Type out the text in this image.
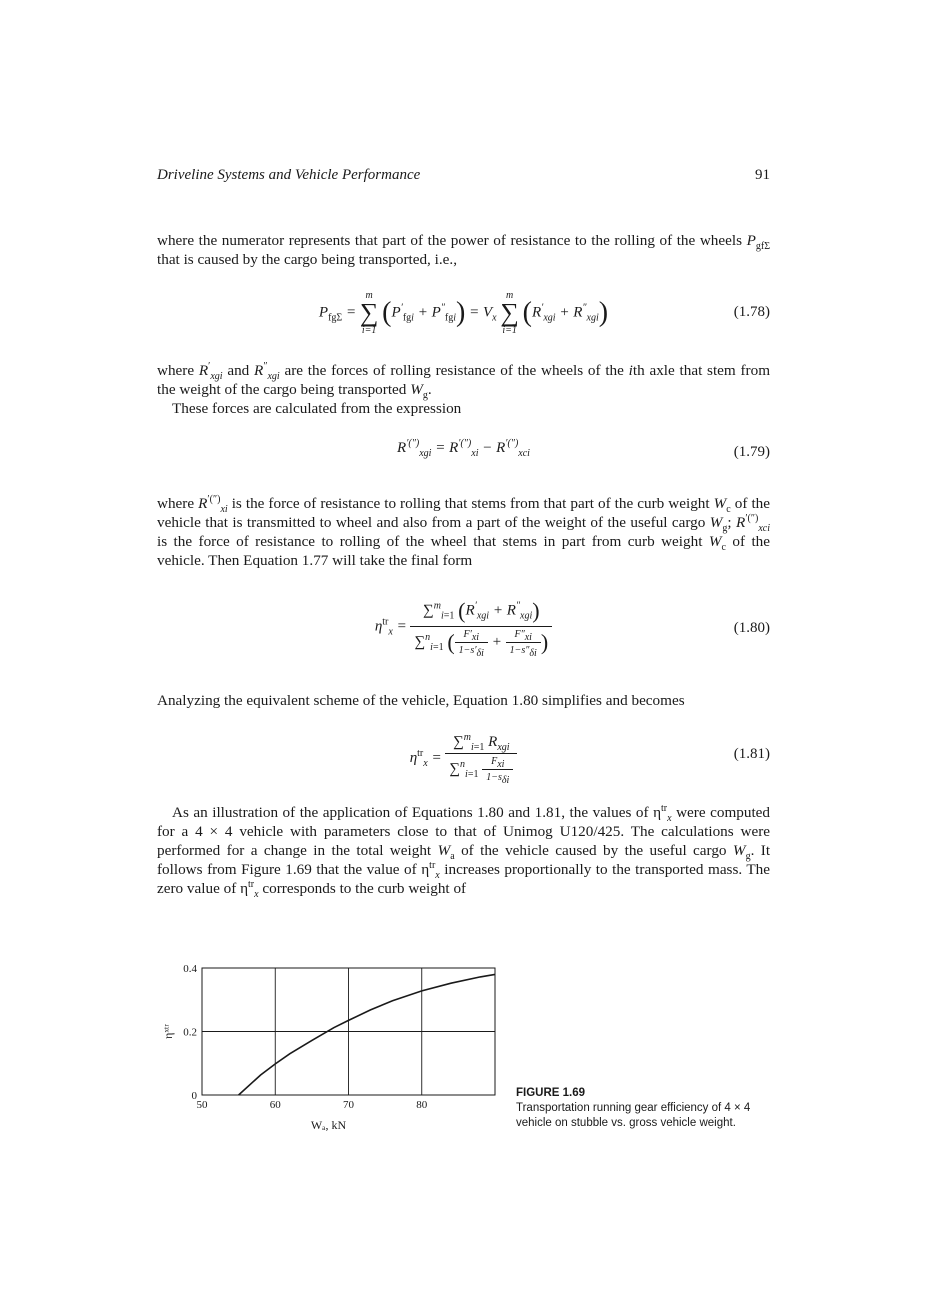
Driveline Systems and Vehicle Performance	91
where the numerator represents that part of the power of resistance to the rolling of the wheels $P_{gf\Sigma}$ that is caused by the cargo being transported, i.e.,
$P_{fg\Sigma}$ =
m
∑
i=1
$(P'_{fgi} + P''_{fgi}) = V_x$
m
∑
i=1
$(R'_{xgi} + R''_{xgi})$	(1.78)
where $R'_{xgi}$ and $R''_{xgi}$ are the forces of rolling resistance of the wheels of the ith axle that stem from the weight of the cargo being transported $W_g$.
These forces are calculated from the expression
$R^{'('')}_{xgi} = R^{'('')}_{xi} - R^{'('')}_{xci}$	(1.79)
where $R^{'('')}_{xi}$ is the force of resistance to rolling that stems from that part of the curb weight $W_c$ of the vehicle that is transmitted to wheel and also from a part of the weight of the useful cargo $W_g$; $R^{'('')}_{xci}$ is the force of resistance to rolling of the wheel that stems in part from curb weight $W_c$ of the vehicle. Then Equation 1.77 will take the final form
$\eta^{tr}_x = \frac{\sum^m_{i=1} (R'_{xgi} + R''_{xgi})}{\sum^n_{i=1} ( \frac{F'_{xi}}{1-s'_{\delta i}} + \frac{F''_{xi}}{1-s''_{\delta i}} )}$	(1.80)
Analyzing the equivalent scheme of the vehicle, Equation 1.80 simplifies and becomes
$\eta^{tr}_x = \frac{\sum^m_{i=1} R_{xgi}}{\sum^n_{i=1} \frac{F_{xi}}{1-s_{\delta i}}}$	(1.81)
As an illustration of the application of Equations 1.80 and 1.81, the values of $\eta^{tr}_x$ were computed for a 4 × 4 vehicle with parameters close to that of Unimog U120/425. The calculations were performed for a change in the total weight $W_a$ of the vehicle caused by the useful cargo $W_g$. It follows from Figure 1.69 that the value of $\eta^{tr}_x$ increases proportionally to the transported mass. The zero value of $\eta^{tr}_x$ corresponds to the curb weight of
50	60	70	80
0
0.2
0.4
Wₐ, kN
ηˣᵗʳ
FIGURE 1.69
Transportation running gear efficiency of 4 × 4 vehicle on stubble vs. gross vehicle weight.
